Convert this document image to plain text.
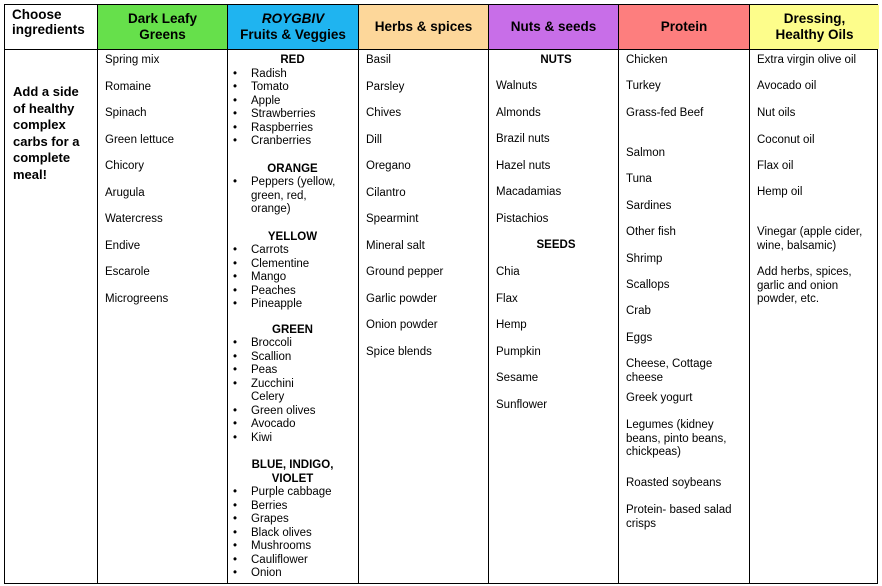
Choose
ingredients
Dark Leafy
Greens
ROYGBIV
Fruits & Veggies
Herbs & spices	Nuts & seeds	Protein
Dressing,
Healthy Oils
Add a side
of healthy
complex
carbs for a
complete
meal!
Spring mix
Romaine
Spinach
Green lettuce
Chicory
Arugula
Watercress
Endive
Escarole
Microgreens
RED
• Radish
• Tomato
• Apple
• Strawberries
• Raspberries
• Cranberries
ORANGE
• Peppers (yellow,
green, red,
orange)
YELLOW
• Carrots
• Clementine
• Mango
• Peaches
• Pineapple
GREEN
• Broccoli
• Scallion
• Peas
• Zucchini
Celery
• Green olives
• Avocado
• Kiwi
BLUE, INDIGO,
VIOLET
• Purple cabbage
• Berries
• Grapes
• Black olives
• Mushrooms
• Cauliflower
• Onion
Basil
Parsley
Chives
Dill
Oregano
Cilantro
Spearmint
Mineral salt
Ground pepper
Garlic powder
Onion powder
Spice blends
NUTS
Walnuts
Almonds
Brazil nuts
Hazel nuts
Macadamias
Pistachios
SEEDS
Chia
Flax
Hemp
Pumpkin
Sesame
Sunflower
Chicken
Turkey
Grass-fed Beef
Salmon
Tuna
Sardines
Other fish
Shrimp
Scallops
Crab
Eggs
Cheese, Cottage
cheese
Greek yogurt
Legumes (kidney
beans, pinto beans,
chickpeas)
Roasted soybeans
Protein- based salad
crisps
Extra virgin olive oil
Avocado oil
Nut oils
Coconut oil
Flax oil
Hemp oil
Vinegar (apple cider,
wine, balsamic)
Add herbs, spices,
garlic and onion
powder, etc.
